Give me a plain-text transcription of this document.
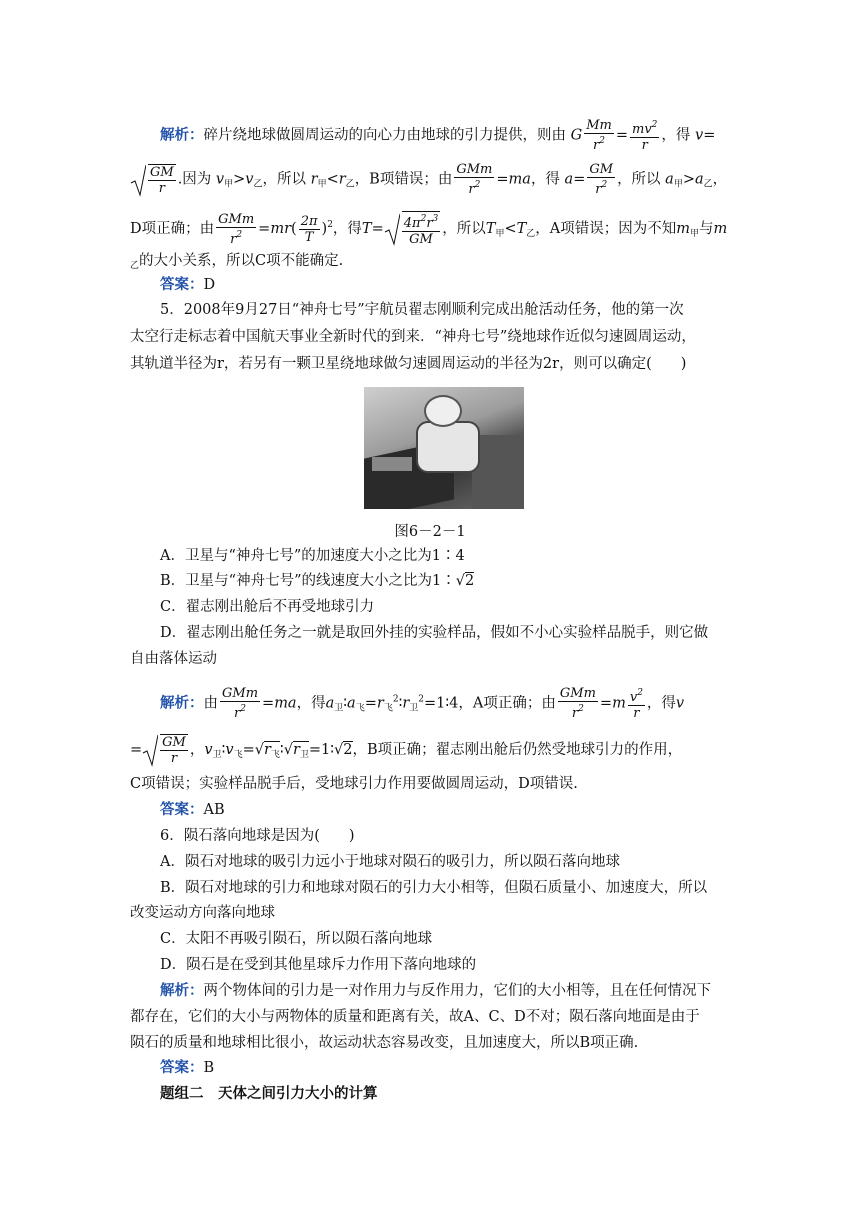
解析：碎片绕地球做圆周运动的向心力由地球的引力提供，则由 G $\frac{Mm}{r^2} = \frac{mv^2}{r}$ ，得 v=
$\frac{GM}{r}$ .因为 $v_甲>v_乙$，所以 $r_甲<r_乙$，B项错误；由 $\frac{\text{GMm}}{r^2} =ma$，得 $a= \frac{GM}{r^2}$ ，所以 $a_甲>a_乙$，
D项正确；由 $\frac{\text{GMm}}{r^2} =mr( \frac{2\pi}{T} )^2$，得$T= \frac{4\pi^2r^3}{GM}$ ，所以$T_甲<T_乙$，A项错误；因为不知$m_甲$与m
$_乙$的大小关系，所以C项不能确定.
答案：D
5．2008年9月27日“神舟七号”宇航员翟志刚顺利完成出舱活动任务，他的第一次
太空行走标志着中国航天事业全新时代的到来．“神舟七号”绕地球作近似匀速圆周运动，
其轨道半径为r，若另有一颗卫星绕地球做匀速圆周运动的半径为2r，则可以确定(　　)
图6－2－1
A．卫星与“神舟七号”的加速度大小之比为1∶4
B．卫星与“神舟七号”的线速度大小之比为1∶√2
C．翟志刚出舱后不再受地球引力
D．翟志刚出舱任务之一就是取回外挂的实验样品，假如不小心实验样品脱手，则它做
自由落体运动
解析：由 $\frac{\text{GMm}}{r^2} =ma$，得$a_卫∶a_飞=r_飞^2∶r_卫^2=1∶4$，A项正确；由 $\frac{\text{GMm}}{r^2} =m \frac{v^2}{r}$ ，得v
= $\frac{GM}{r}$ ，$v_卫∶v_飞=√r_飞∶√r_卫=1∶√2$，B项正确；翟志刚出舱后仍然受地球引力的作用，
C项错误；实验样品脱手后，受地球引力作用要做圆周运动，D项错误.
答案：AB
6．陨石落向地球是因为(　　)
A．陨石对地球的吸引力远小于地球对陨石的吸引力，所以陨石落向地球
B．陨石对地球的引力和地球对陨石的引力大小相等，但陨石质量小、加速度大，所以
改变运动方向落向地球
C．太阳不再吸引陨石，所以陨石落向地球
D．陨石是在受到其他星球斥力作用下落向地球的
解析：两个物体间的引力是一对作用力与反作用力，它们的大小相等，且在任何情况下
都存在，它们的大小与两物体的质量和距离有关，故A、C、D不对；陨石落向地面是由于
陨石的质量和地球相比很小，故运动状态容易改变，且加速度大，所以B项正确.
答案：B
题组二　天体之间引力大小的计算
